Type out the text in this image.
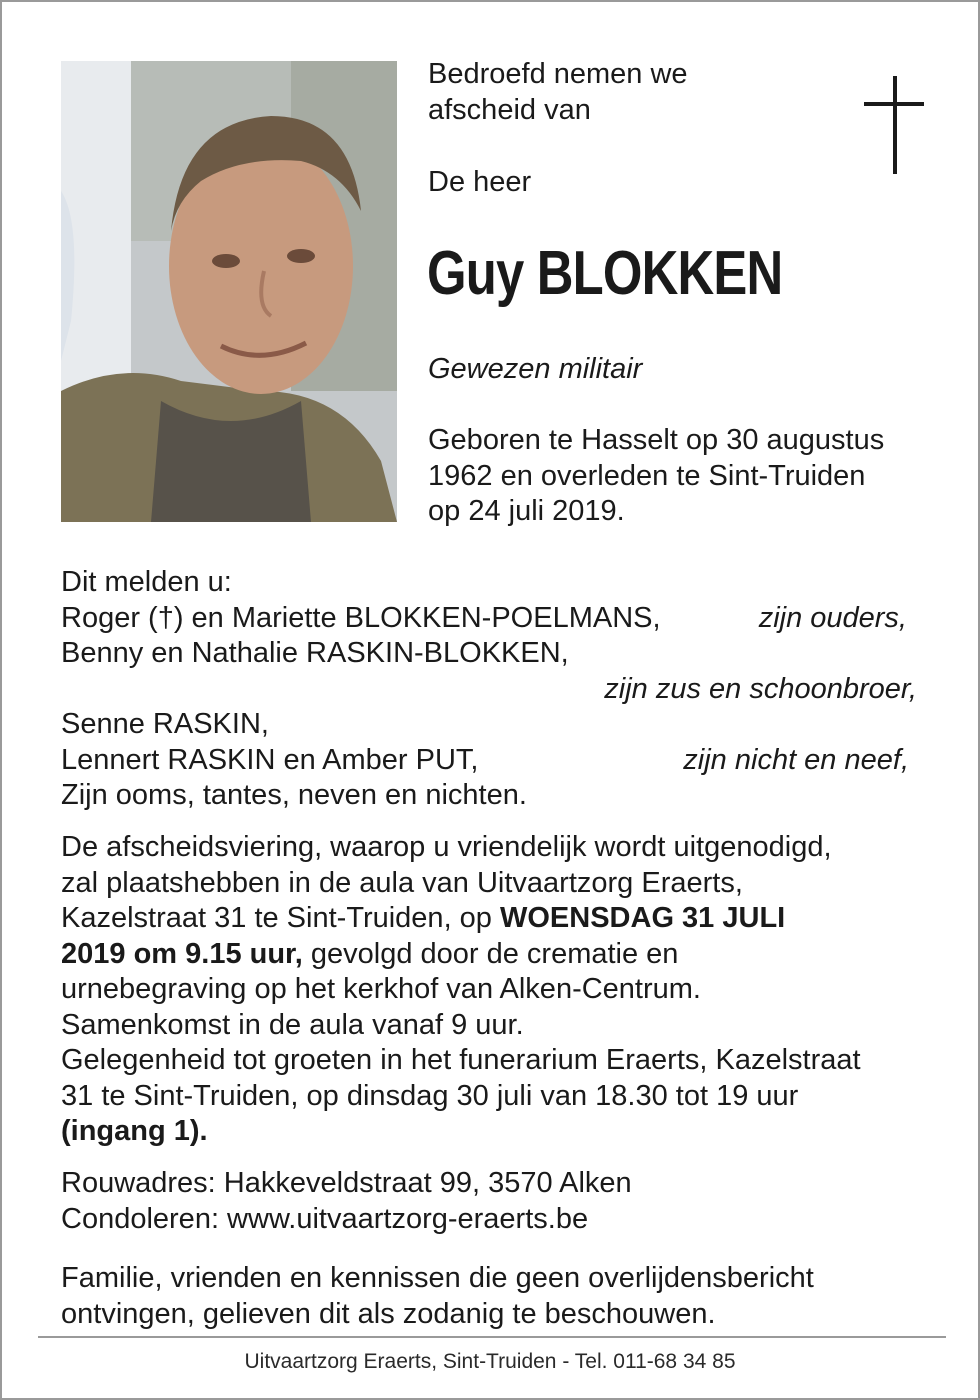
Bedroefd nemen we
afscheid van

De heer

Guy BLOKKEN

Gewezen militair

Geboren te Hasselt op 30 augustus
1962 en overleden te Sint-Truiden
op 24 juli 2019.
Dit melden u:
Roger (†) en Mariette BLOKKEN-POELMANS,	zijn ouders,
Benny en Nathalie RASKIN-BLOKKEN,
zijn zus en schoonbroer,
Senne RASKIN,
Lennert RASKIN en Amber PUT,	zijn nicht en neef,
Zijn ooms, tantes, neven en nichten.
De afscheidsviering, waarop u vriendelijk wordt uitgenodigd,
zal plaatshebben in de aula van Uitvaartzorg Eraerts,
Kazelstraat 31 te Sint-Truiden, op WOENSDAG 31 JULI
2019 om 9.15 uur, gevolgd door de crematie en
urnebegraving op het kerkhof van Alken-Centrum.
Samenkomst in de aula vanaf 9 uur.
Gelegenheid tot groeten in het funerarium Eraerts, Kazelstraat
31 te Sint-Truiden, op dinsdag 30 juli van 18.30 tot 19 uur
(ingang 1).
Rouwadres: Hakkeveldstraat 99, 3570 Alken
Condoleren: www.uitvaartzorg-eraerts.be
Familie, vrienden en kennissen die geen overlijdensbericht
ontvingen, gelieven dit als zodanig te beschouwen.
Uitvaartzorg Eraerts, Sint-Truiden - Tel. 011-68 34 85
